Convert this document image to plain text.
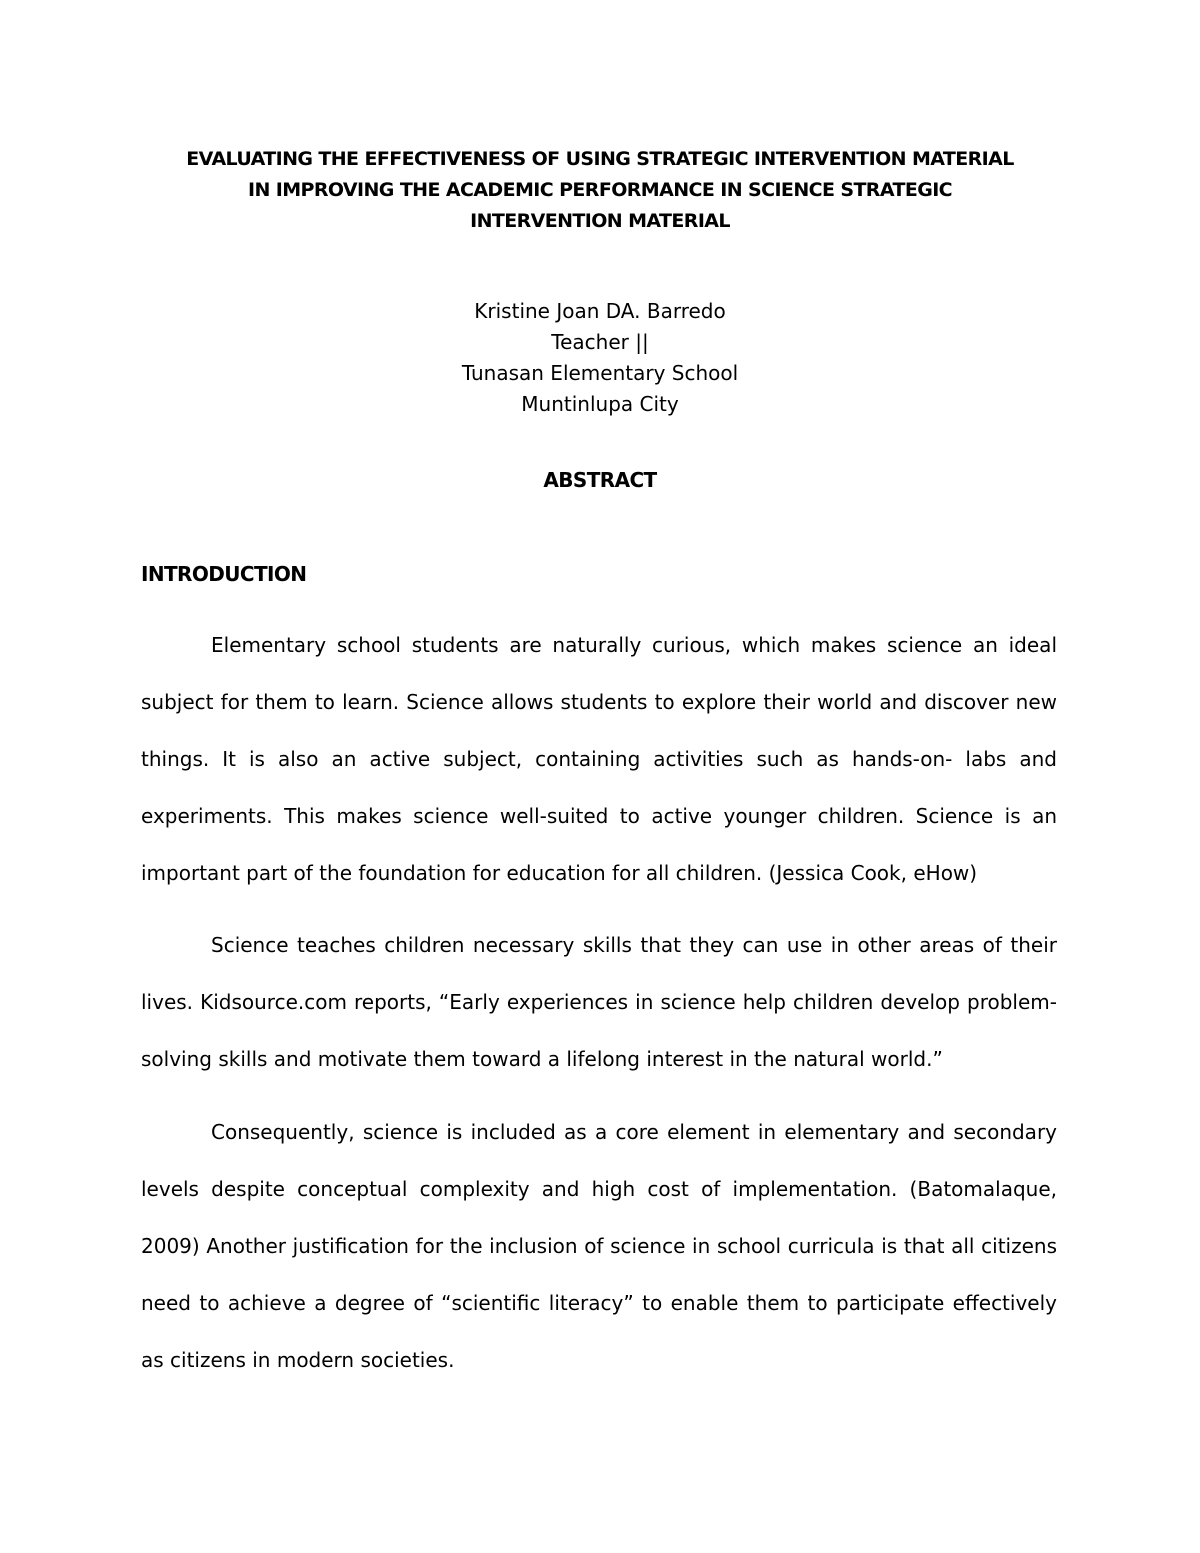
EVALUATING THE EFFECTIVENESS OF USING STRATEGIC INTERVENTION MATERIAL
IN IMPROVING THE ACADEMIC PERFORMANCE IN SCIENCE STRATEGIC
INTERVENTION MATERIAL
Kristine Joan DA. Barredo
Teacher ||
Tunasan Elementary School
Muntinlupa City
ABSTRACT
INTRODUCTION

Elementary school students are naturally curious, which makes science an ideal subject for them to learn. Science allows students to explore their world and discover new things. It is also an active subject, containing activities such as hands-on- labs and experiments. This makes science well-suited to active younger children. Science is an important part of the foundation for education for all children. (Jessica Cook, eHow)

Science teaches children necessary skills that they can use in other areas of their lives. Kidsource.com reports, “Early experiences in science help children develop problem-solving skills and motivate them toward a lifelong interest in the natural world.”

Consequently, science is included as a core element in elementary and secondary levels despite conceptual complexity and high cost of implementation. (Batomalaque, 2009) Another justification for the inclusion of science in school curricula is that all citizens need to achieve a degree of “scientific literacy” to enable them to participate effectively as citizens in modern societies.
